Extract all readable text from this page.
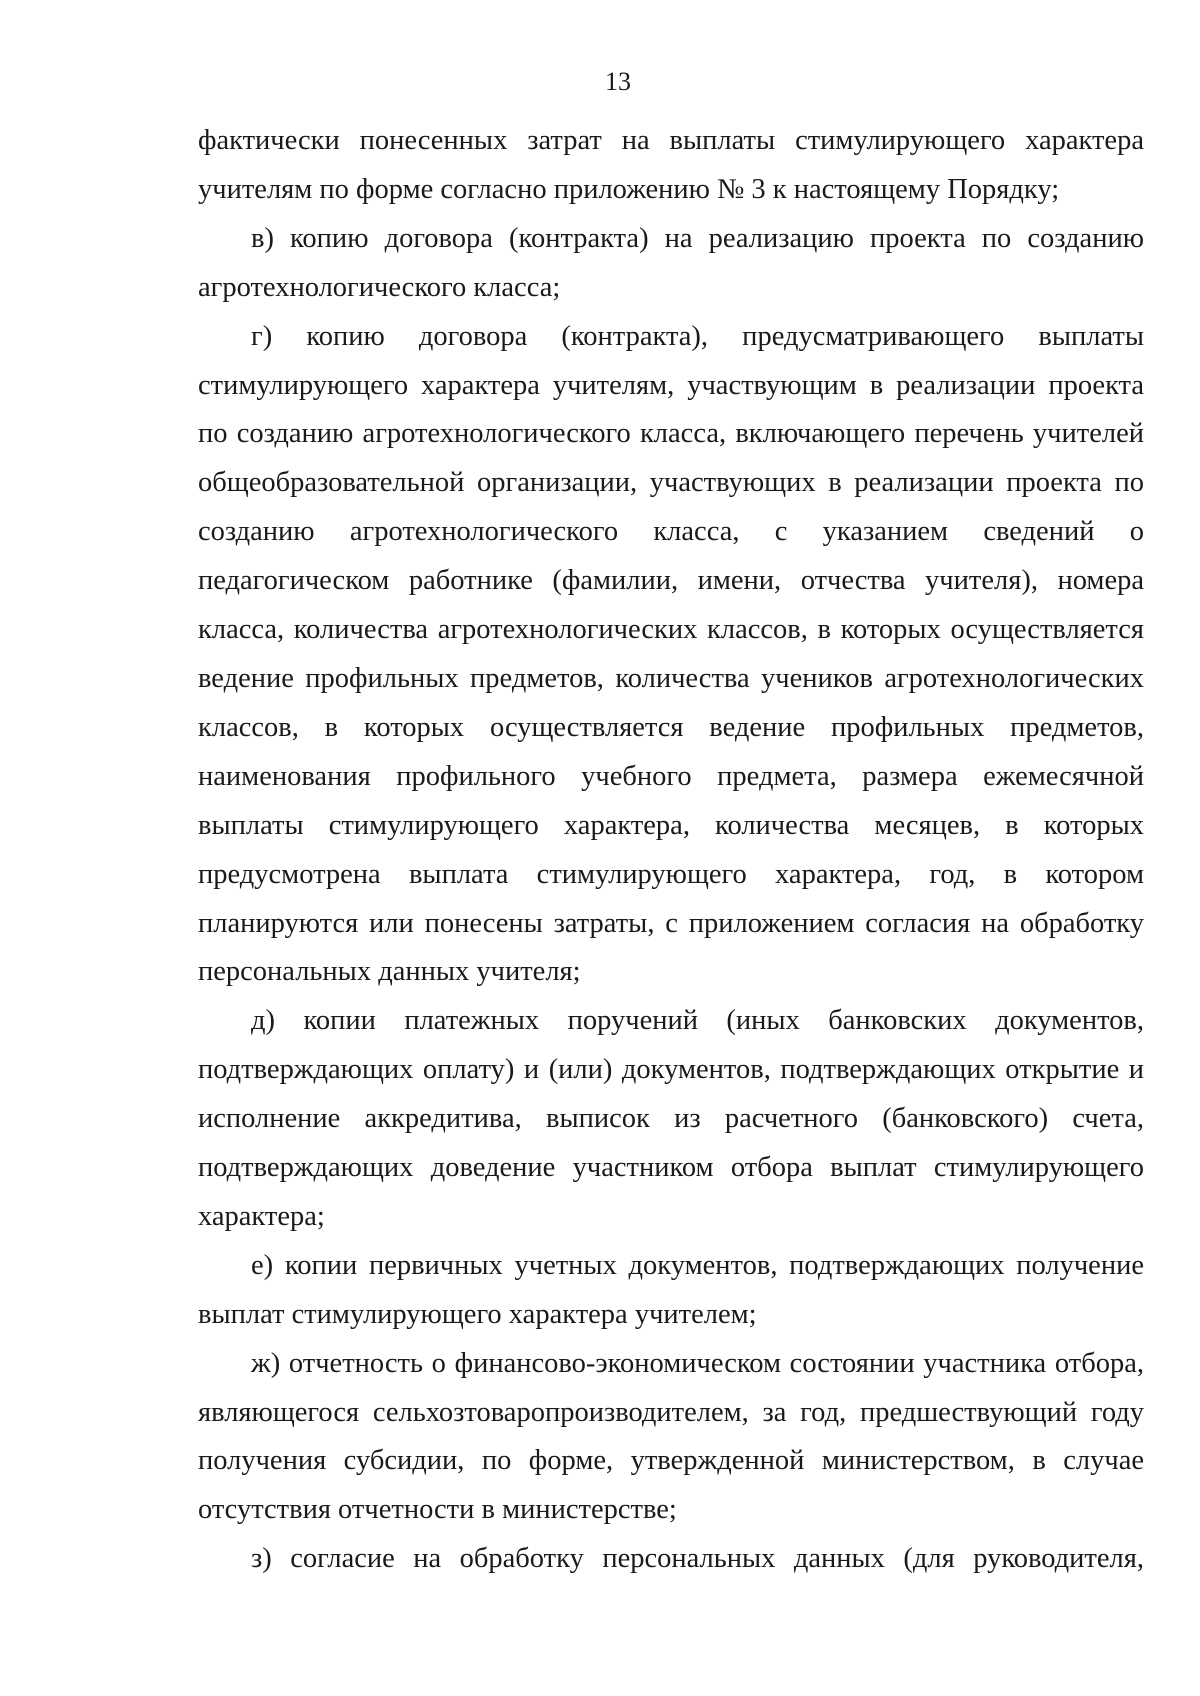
13

фактически понесенных затрат на выплаты стимулирующего характера учителям по форме согласно приложению № 3 к настоящему Порядку;

в) копию договора (контракта) на реализацию проекта по созданию агротехнологического класса;

г) копию договора (контракта), предусматривающего выплаты стимулирующего характера учителям, участвующим в реализации проекта по созданию агротехнологического класса, включающего перечень учителей общеобразовательной организации, участвующих в реализации проекта по созданию агротехнологического класса, с указанием сведений о педагогическом работнике (фамилии, имени, отчества учителя), номера класса, количества агротехнологических классов, в которых осуществляется ведение профильных предметов, количества учеников агротехнологических классов, в которых осуществляется ведение профильных предметов, наименования профильного учебного предмета, размера ежемесячной выплаты стимулирующего характера, количества месяцев, в которых предусмотрена выплата стимулирующего характера, год, в котором планируются или понесены затраты, с приложением согласия на обработку персональных данных учителя;

д) копии платежных поручений (иных банковских документов, подтверждающих оплату) и (или) документов, подтверждающих открытие и исполнение аккредитива, выписок из расчетного (банковского) счета, подтверждающих доведение участником отбора выплат стимулирующего характера;

е) копии первичных учетных документов, подтверждающих получение выплат стимулирующего характера учителем;

ж) отчетность о финансово-экономическом состоянии участника отбора, являющегося сельхозтоваропроизводителем, за год, предшествующий году получения субсидии, по форме, утвержденной министерством, в случае отсутствия отчетности в министерстве;

з) согласие на обработку персональных данных (для руководителя,
